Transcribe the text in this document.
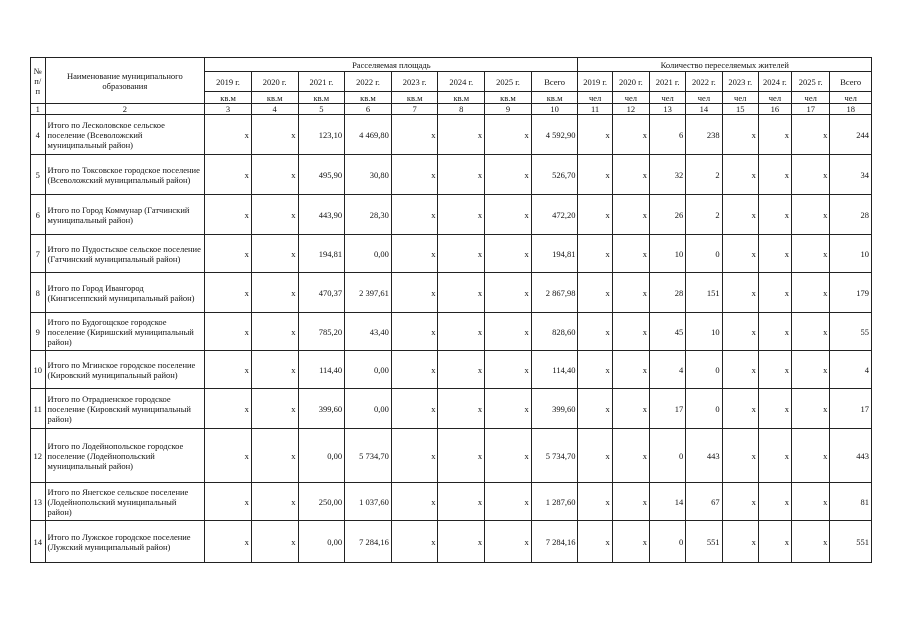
№ п/п	Наименование муниципального образования	Расселяемая площадь								Количество переселяемых жителей							
		2019 г.	2020 г.	2021 г.	2022 г.	2023 г.	2024 г.	2025 г.	Всего	2019 г.	2020 г.	2021 г.	2022 г.	2023 г.	2024 г.	2025 г.	Всего
		кв.м	кв.м	кв.м	кв.м	кв.м	кв.м	кв.м	кв.м	чел	чел	чел	чел	чел	чел	чел	чел
1	2	3	4	5	6	7	8	9	10	11	12	13	14	15	16	17	18
4	Итого по Лесколовское сельское поселение (Всеволожский муниципальный район)	x	x	123,10	4 469,80	x	x	x	4 592,90	x	x	6	238	x	x	x	244
5	Итого по Токсовское городское поселение (Всеволожский муниципальный район)	x	x	495,90	30,80	x	x	x	526,70	x	x	32	2	x	x	x	34
6	Итого по Город Коммунар (Гатчинский муниципальный район)	x	x	443,90	28,30	x	x	x	472,20	x	x	26	2	x	x	x	28
7	Итого по Пудостьское сельское поселение (Гатчинский муниципальный район)	x	x	194,81	0,00	x	x	x	194,81	x	x	10	0	x	x	x	10
8	Итого по Город Ивангород (Кингисеппский муниципальный район)	x	x	470,37	2 397,61	x	x	x	2 867,98	x	x	28	151	x	x	x	179
9	Итого по Будогощское городское поселение (Киришский муниципальный район)	x	x	785,20	43,40	x	x	x	828,60	x	x	45	10	x	x	x	55
10	Итого по Мгинское городское поселение (Кировский муниципальный район)	x	x	114,40	0,00	x	x	x	114,40	x	x	4	0	x	x	x	4
11	Итого по Отрадненское городское поселение (Кировский муниципальный район)	x	x	399,60	0,00	x	x	x	399,60	x	x	17	0	x	x	x	17
12	Итого по Лодейнопольское городское поселение (Лодейнопольский муниципальный район)	x	x	0,00	5 734,70	x	x	x	5 734,70	x	x	0	443	x	x	x	443
13	Итого по Янегское сельское поселение (Лодейнопольский муниципальный район)	x	x	250,00	1 037,60	x	x	x	1 287,60	x	x	14	67	x	x	x	81
14	Итого по Лужское городское поселение (Лужский муниципальный район)	x	x	0,00	7 284,16	x	x	x	7 284,16	x	x	0	551	x	x	x	551
